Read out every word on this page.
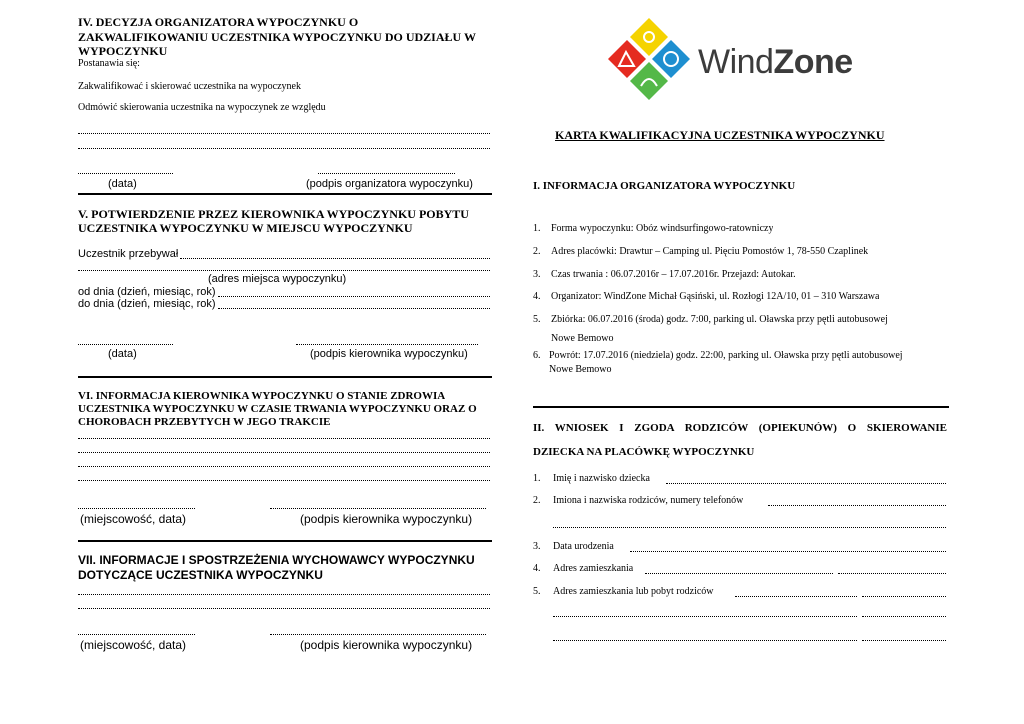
IV. DECYZJA ORGANIZATORA WYPOCZYNKU O
ZAKWALIFIKOWANIU UCZESTNIKA WYPOCZYNKU DO UDZIAŁU W
WYPOCZYNKU
Postanawia się:
Zakwalifikować i skierować uczestnika na wypoczynek
Odmówić skierowania uczestnika na wypoczynek ze względu
(data)	(podpis organizatora wypoczynku)
V. POTWIERDZENIE PRZEZ KIEROWNIKA WYPOCZYNKU POBYTU
UCZESTNIKA WYPOCZYNKU W MIEJSCU WYPOCZYNKU
Uczestnik przebywał
(adres miejsca wypoczynku)
od dnia (dzień, miesiąc, rok)
do dnia (dzień, miesiąc, rok)
(data)	(podpis kierownika wypoczynku)
VI. INFORMACJA KIEROWNIKA WYPOCZYNKU O STANIE ZDROWIA
UCZESTNIKA WYPOCZYNKU W CZASIE TRWANIA WYPOCZYNKU ORAZ O
CHOROBACH PRZEBYTYCH W JEGO TRAKCIE
(miejscowość, data)	(podpis kierownika wypoczynku)
VII. INFORMACJE I SPOSTRZEŻENIA WYCHOWAWCY WYPOCZYNKU
DOTYCZĄCE UCZESTNIKA WYPOCZYNKU
(miejscowość, data)	(podpis kierownika wypoczynku)
WindZone
KARTA KWALIFIKACYJNA UCZESTNIKA WYPOCZYNKU
I. INFORMACJA ORGANIZATORA WYPOCZYNKU
1. Forma wypoczynku: Obóz windsurfingowo-ratowniczy
2. Adres placówki: Drawtur – Camping ul. Pięciu Pomostów 1, 78-550 Czaplinek
3. Czas trwania : 06.07.2016r – 17.07.2016r. Przejazd: Autokar.
4. Organizator: WindZone Michał Gąsiński, ul. Rozłogi 12A/10, 01 – 310 Warszawa
5. Zbiórka: 06.07.2016 (środa) godz. 7:00, parking ul. Oławska przy pętli autobusowej
Nowe Bemowo
6. Powrót: 17.07.2016 (niedziela) godz. 22:00, parking ul. Oławska przy pętli autobusowej
Nowe Bemowo
II. WNIOSEK I ZGODA RODZICÓW (OPIEKUNÓW) O SKIEROWANIE
DZIECKA NA PLACÓWKĘ WYPOCZYNKU
1. Imię i nazwisko dziecka
2. Imiona i nazwiska rodziców, numery telefonów
3. Data urodzenia
4. Adres zamieszkania
5. Adres zamieszkania lub pobyt rodziców
